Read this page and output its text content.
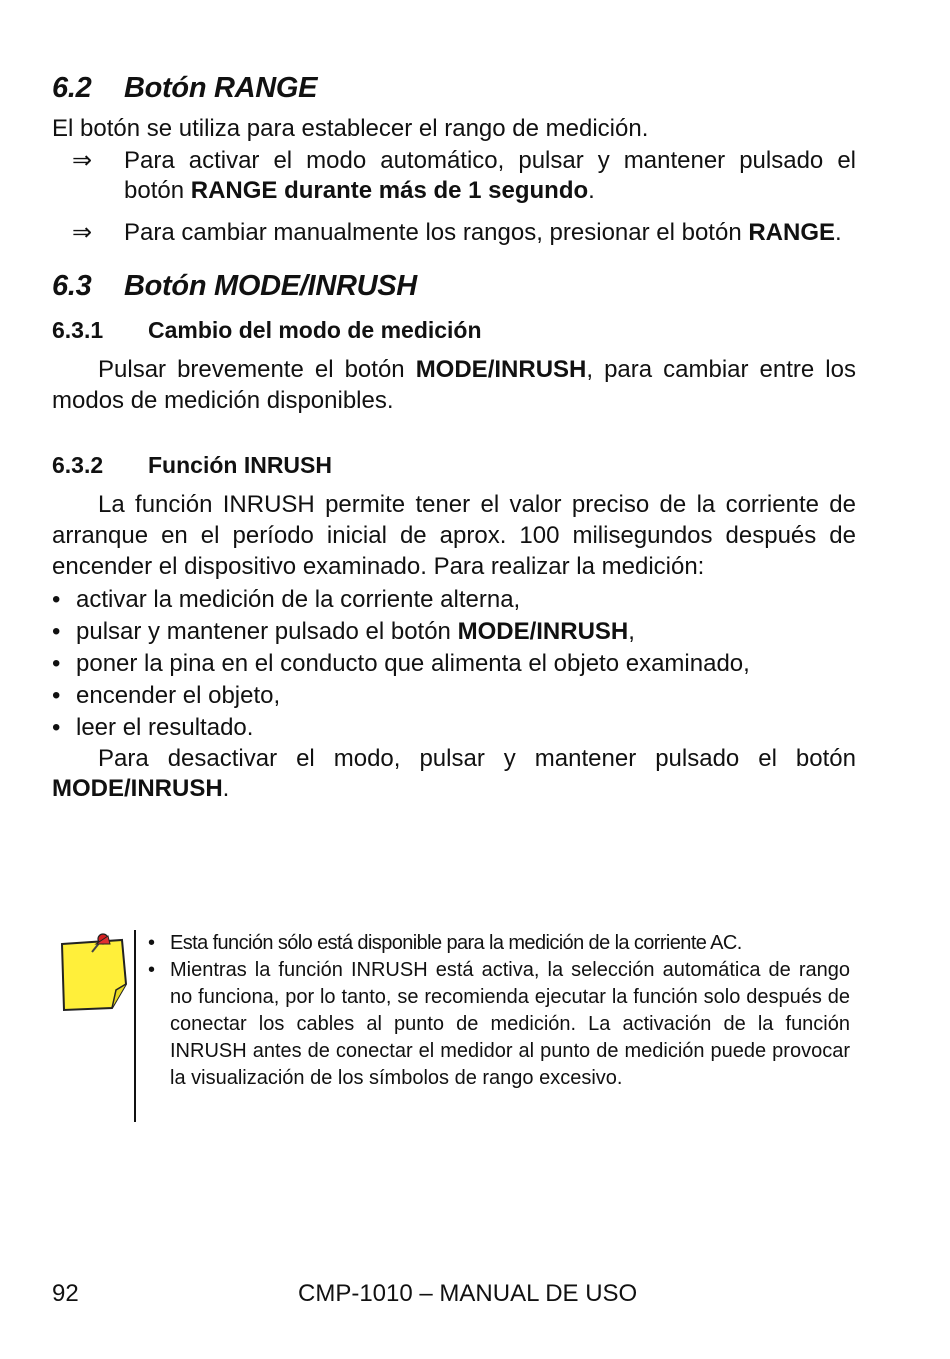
6.2 Botón RANGE

El botón se utiliza para establecer el rango de medición.

⇒	Para activar el modo automático, pulsar y mantener pulsado el botón RANGE durante más de 1 segundo.
⇒	Para cambiar manualmente los rangos, presionar el botón RANGE.
6.3 Botón MODE/INRUSH
6.3.1 Cambio del modo de medición

Pulsar brevemente el botón MODE/INRUSH, para cambiar entre los modos de medición disponibles.

6.3.2 Función INRUSH

La función INRUSH permite tener el valor preciso de la corriente de arranque en el período inicial de aprox. 100 milisegundos después de encender el dispositivo examinado. Para realizar la medición:

• activar la medición de la corriente alterna,
• pulsar y mantener pulsado el botón MODE/INRUSH,
• poner la pina en el conducto que alimenta el objeto examinado,
• encender el objeto,
• leer el resultado.

Para desactivar el modo, pulsar y mantener pulsado el botón MODE/INRUSH.

• Esta función sólo está disponible para la medición de la corriente AC.
• Mientras la función INRUSH está activa, la selección automática de rango no funciona, por lo tanto, se recomienda ejecutar la función solo después de conectar los cables al punto de medición. La activación de la función INRUSH antes de conectar el medidor al punto de medición puede provocar la visualización de los símbolos de rango excesivo.
92	CMP-1010 – MANUAL DE USO
